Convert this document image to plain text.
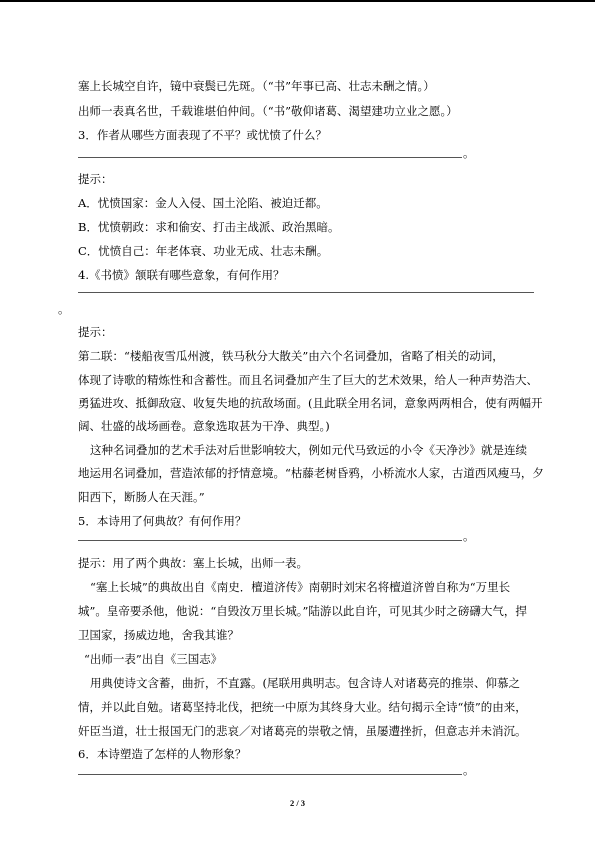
塞上长城空自许，镜中衰鬓已先斑。（“书”年事已高、壮志未酬之情。）
出师一表真名世，千载谁堪伯仲间。（“书”敬仰诸葛、渴望建功立业之愿。）
3．作者从哪些方面表现了不平？或忧愤了什么？
。
提示：
A．忧愤国家：金人入侵、国土沦陷、被迫迁都。
B．忧愤朝政：求和偷安、打击主战派、政治黑暗。
C．忧愤自己：年老体衰、功业无成、壮志未酬。
4.《书愤》颔联有哪些意象，有何作用？
。
提示：
第二联：“楼船夜雪瓜州渡，铁马秋分大散关”由六个名词叠加，省略了相关的动词，
体现了诗歌的精炼性和含蓄性。而且名词叠加产生了巨大的艺术效果，给人一种声势浩大、
勇猛进攻、抵御敌寇、收复失地的抗敌场面。(且此联全用名词，意象两两相合，使有两幅开
阔、壮盛的战场画卷。意象选取甚为干净、典型。)
这种名词叠加的艺术手法对后世影响较大，例如元代马致远的小令《天净沙》就是连续
地运用名词叠加，营造浓郁的抒情意境。“枯藤老树昏鸦，小桥流水人家，古道西风瘦马，夕
阳西下，断肠人在天涯。”
5．本诗用了何典故？有何作用？
。
提示：用了两个典故：塞上长城，出师一表。
“塞上长城”的典故出自《南史．檀道济传》南朝时刘宋名将檀道济曾自称为“万里长
城”。皇帝要杀他，他说：“自毁汝万里长城。”陆游以此自许，可见其少时之磅礴大气，捍
卫国家，扬威边地，舍我其谁？
“出师一表”出自《三国志》
用典使诗文含蓄，曲折，不直露。(尾联用典明志。包含诗人对诸葛亮的推崇、仰慕之
情，并以此自勉。诸葛坚持北伐，把统一中原为其终身大业。结句揭示全诗“愤”的由来，
奸臣当道，壮士报国无门的悲哀／对诸葛亮的崇敬之情，虽屡遭挫折，但意志并未消沉。
6．本诗塑造了怎样的人物形象？
。
2 / 3
